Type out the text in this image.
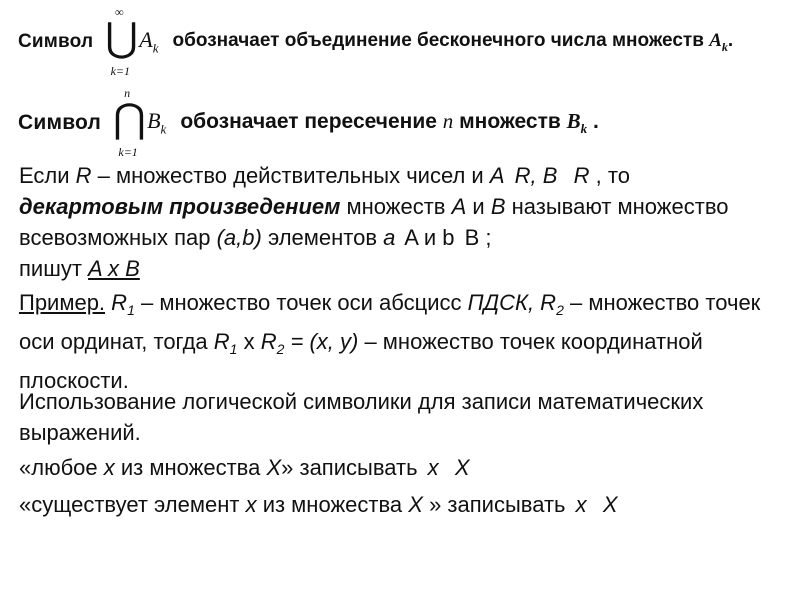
Символ
∞
⋃
k=1
$A_k$ обозначает объединение бесконечного числа множеств $A_k$.
Символ
n
⋂
k=1
$B_k$ обозначает пересечение n множеств $B_k$ .
Если R – множество действительных чисел и A R, B  R , то
декартовым произведением множеств A и B называют множество всевозможных пар (a,b) элементов a A и b B ;
пишут A x B
Пример. $R_1$ – множество точек оси абсцисс ПДСК, $R_2$ – множество точек оси ординат, тогда $R_1$ x $R_2 = (x$, y) – множество точек координатной плоскости.
Использование логической символики для записи математических выражений.
«любое x из множества X» записывать x X
«существует элемент x из множества X » записывать x X
